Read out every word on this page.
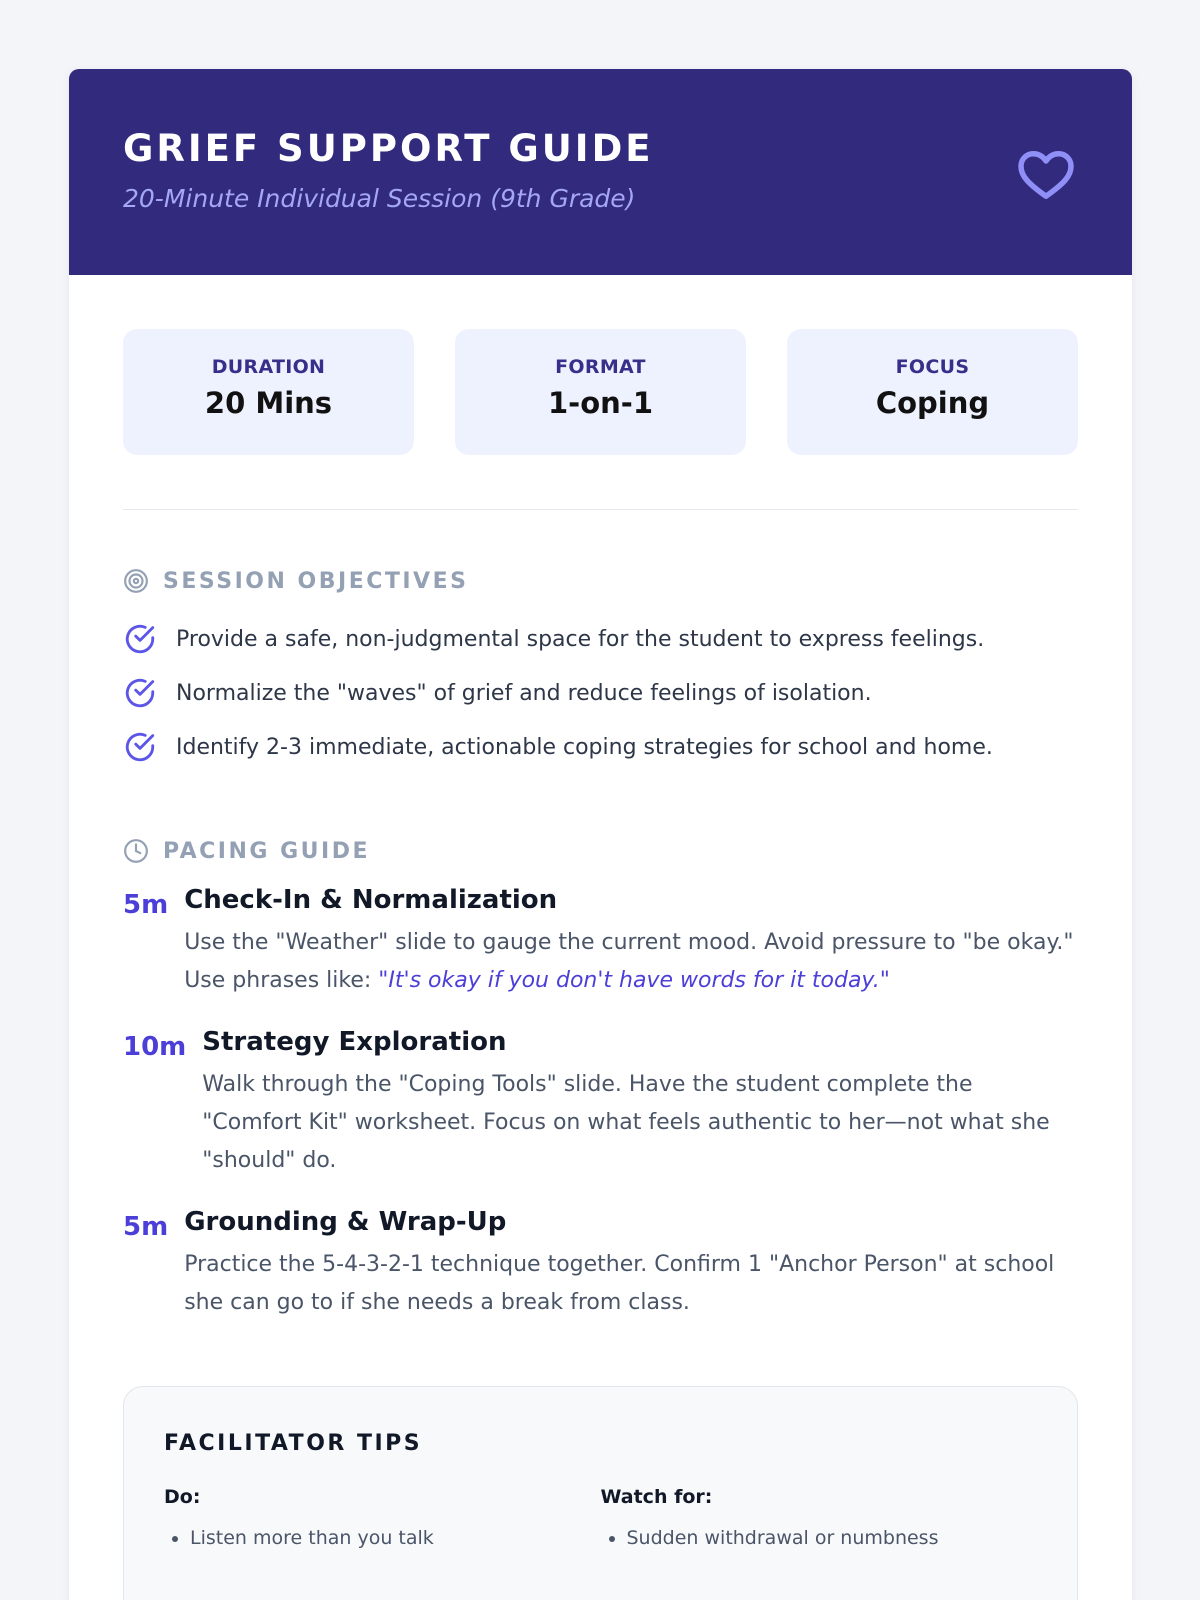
GRIEF SUPPORT GUIDE
20-Minute Individual Session (9th Grade)
DURATION
20 Mins
FORMAT
1-on-1
FOCUS
Coping
SESSION OBJECTIVES
Provide a safe, non-judgmental space for the student to express feelings.
Normalize the "waves" of grief and reduce feelings of isolation.
Identify 2-3 immediate, actionable coping strategies for school and home.
PACING GUIDE
5m Check-In & Normalization
Use the "Weather" slide to gauge the current mood. Avoid pressure to "be okay." Use phrases like: "It's okay if you don't have words for it today."
10m Strategy Exploration
Walk through the "Coping Tools" slide. Have the student complete the "Comfort Kit" worksheet. Focus on what feels authentic to her—not what she "should" do.
5m Grounding & Wrap-Up
Practice the 5-4-3-2-1 technique together. Confirm 1 "Anchor Person" at school she can go to if she needs a break from class.
FACILITATOR TIPS
Do:
• Listen more than you talk
Watch for:
• Sudden withdrawal or numbness
